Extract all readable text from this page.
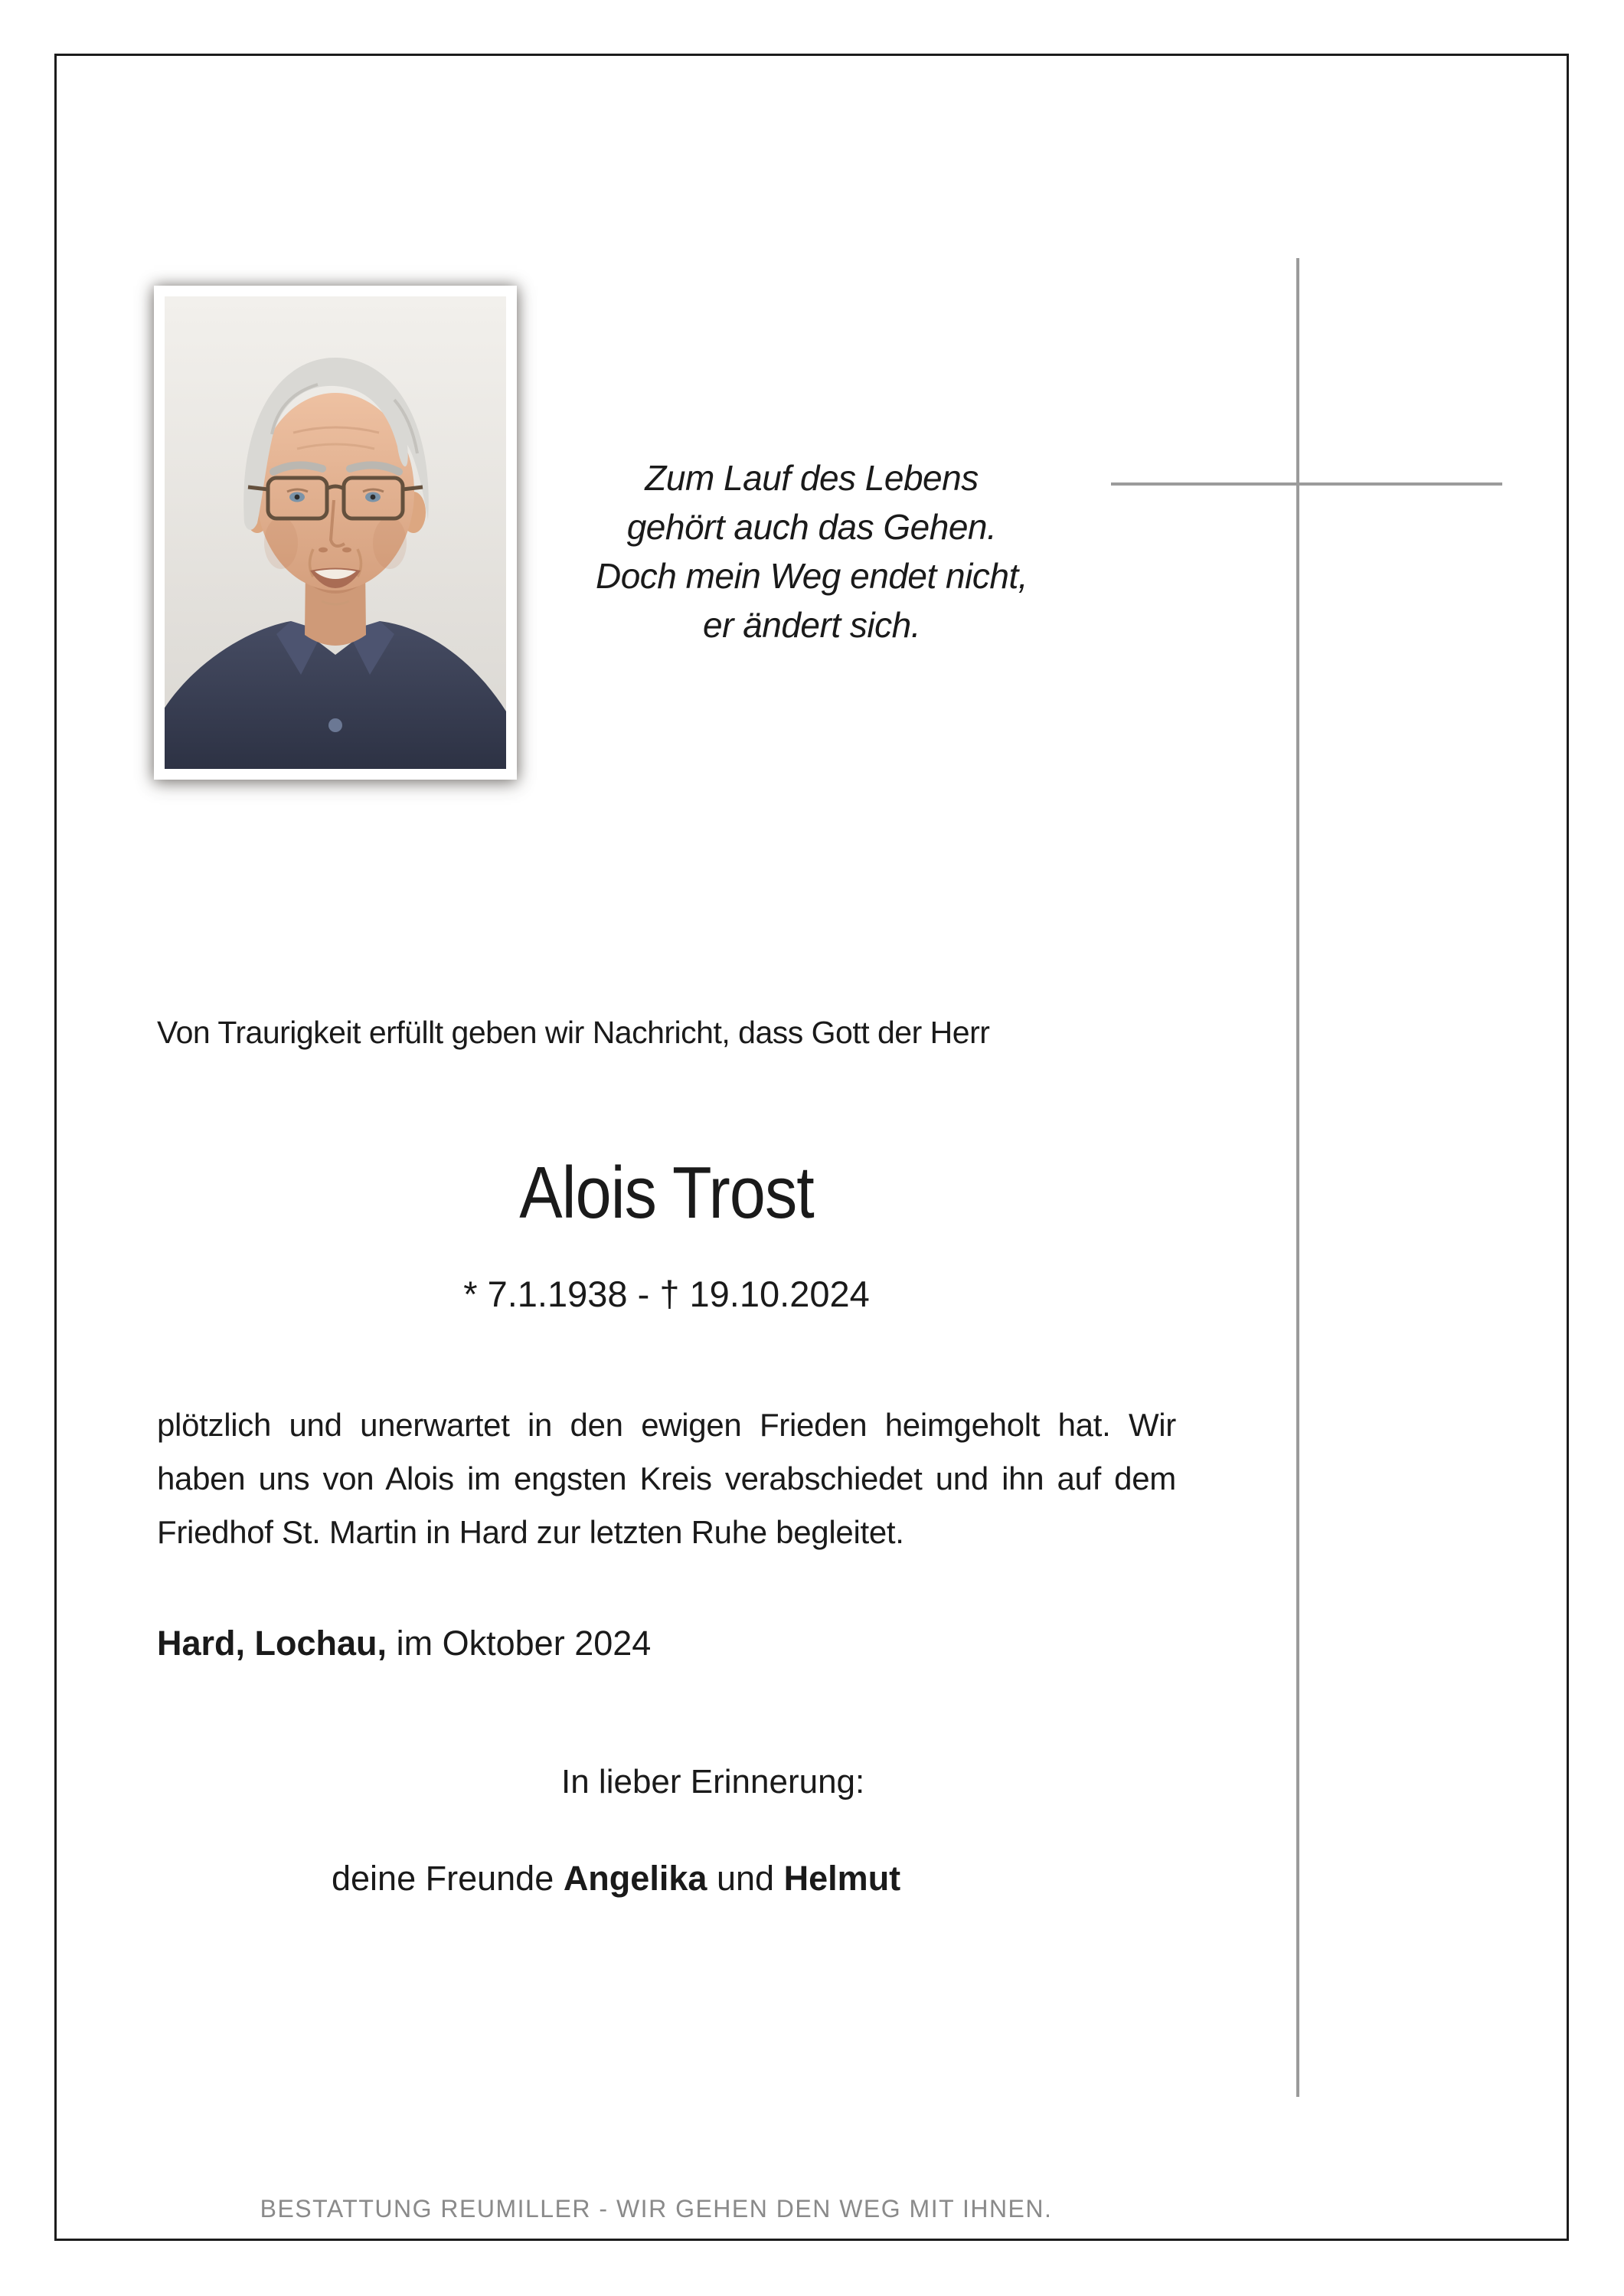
Zum Lauf des Lebens
gehört auch das Gehen.
Doch mein Weg endet nicht,
er ändert sich.
Von Traurigkeit erfüllt geben wir Nachricht, dass Gott der Herr
Alois Trost
* 7.1.1938 - † 19.10.2024
plötzlich und unerwartet in den ewigen Frieden heimgeholt hat. Wir
haben uns von Alois im engsten Kreis verabschiedet und ihn auf dem
Friedhof St. Martin in Hard zur letzten Ruhe begleitet.
Hard, Lochau, im Oktober 2024
In lieber Erinnerung:
deine Freunde Angelika und Helmut
BESTATTUNG REUMILLER - WIR GEHEN DEN WEG MIT IHNEN.
